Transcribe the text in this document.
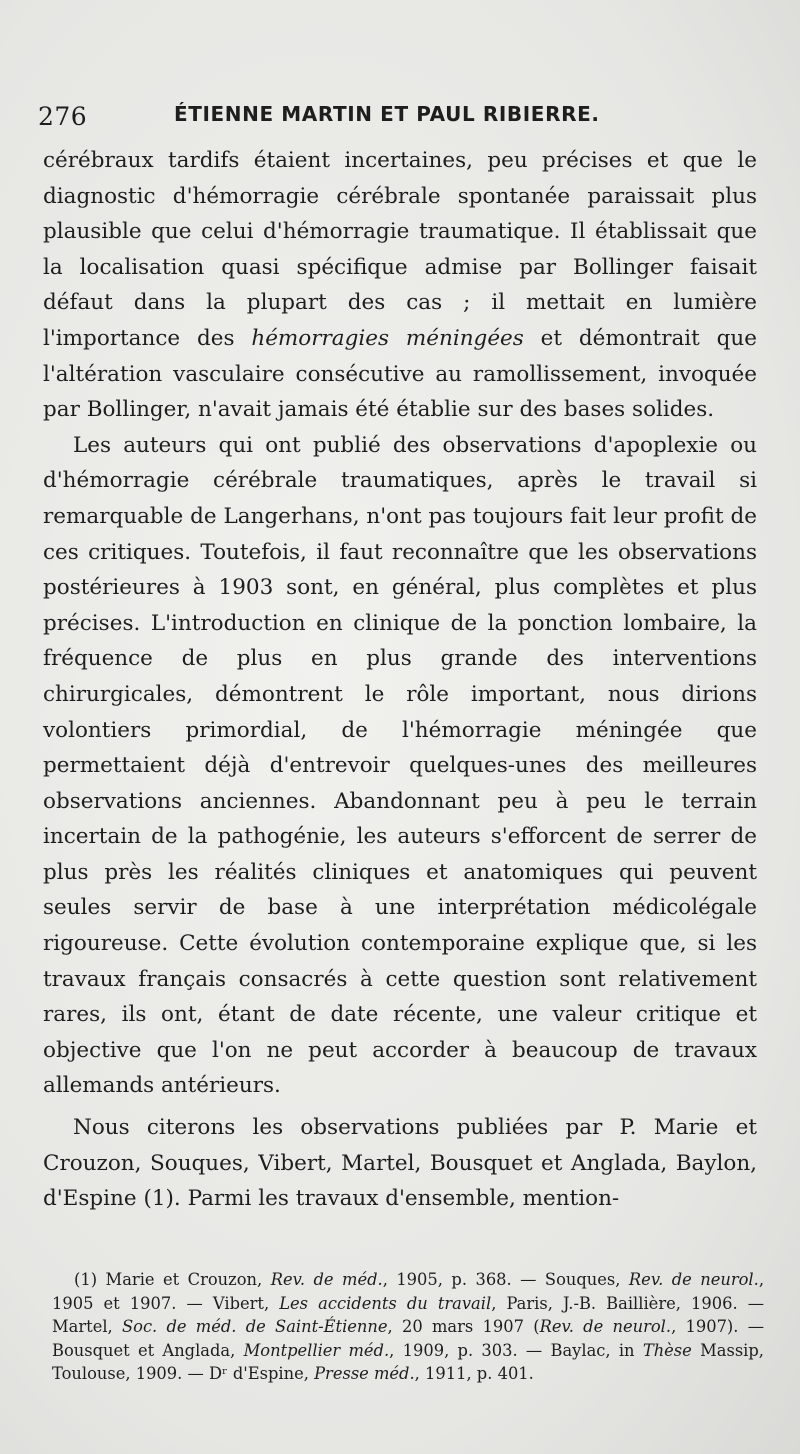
276	ÉTIENNE MARTIN ET PAUL RIBIERRE.

cérébraux tardifs étaient incertaines, peu précises et que le diagnostic d'hémorragie cérébrale spontanée paraissait plus plausible que celui d'hémorragie traumatique. Il établissait que la localisation quasi spécifique admise par Bollinger faisait défaut dans la plupart des cas ; il mettait en lumière l'importance des hémorragies méningées et démontrait que l'altération vasculaire consécutive au ramollissement, invoquée par Bollinger, n'avait jamais été établie sur des bases solides.

Les auteurs qui ont publié des observations d'apoplexie ou d'hémorragie cérébrale traumatiques, après le travail si remarquable de Langerhans, n'ont pas toujours fait leur profit de ces critiques. Toutefois, il faut reconnaître que les observations postérieures à 1903 sont, en général, plus complètes et plus précises. L'introduction en clinique de la ponction lombaire, la fréquence de plus en plus grande des interventions chirurgicales, démontrent le rôle important, nous dirions volontiers primordial, de l'hémorragie méningée que permettaient déjà d'entrevoir quelques-unes des meilleures observations anciennes. Abandonnant peu à peu le terrain incertain de la pathogénie, les auteurs s'efforcent de serrer de plus près les réalités cliniques et anatomiques qui peuvent seules servir de base à une interprétation médicolégale rigoureuse. Cette évolution contemporaine explique que, si les travaux français consacrés à cette question sont relativement rares, ils ont, étant de date récente, une valeur critique et objective que l'on ne peut accorder à beaucoup de travaux allemands antérieurs.

Nous citerons les observations publiées par P. Marie et Crouzon, Souques, Vibert, Martel, Bousquet et Anglada, Baylon, d'Espine (1). Parmi les travaux d'ensemble, mention-

(1) Marie et Crouzon, Rev. de méd., 1905, p. 368. — Souques, Rev. de neurol., 1905 et 1907. — Vibert, Les accidents du travail, Paris, J.-B. Baillière, 1906. — Martel, Soc. de méd. de Saint-Étienne, 20 mars 1907 (Rev. de neurol., 1907). — Bousquet et Anglada, Montpellier méd., 1909, p. 303. — Baylac, in Thèse Massip, Toulouse, 1909. — Dʳ d'Espine, Presse méd., 1911, p. 401.
